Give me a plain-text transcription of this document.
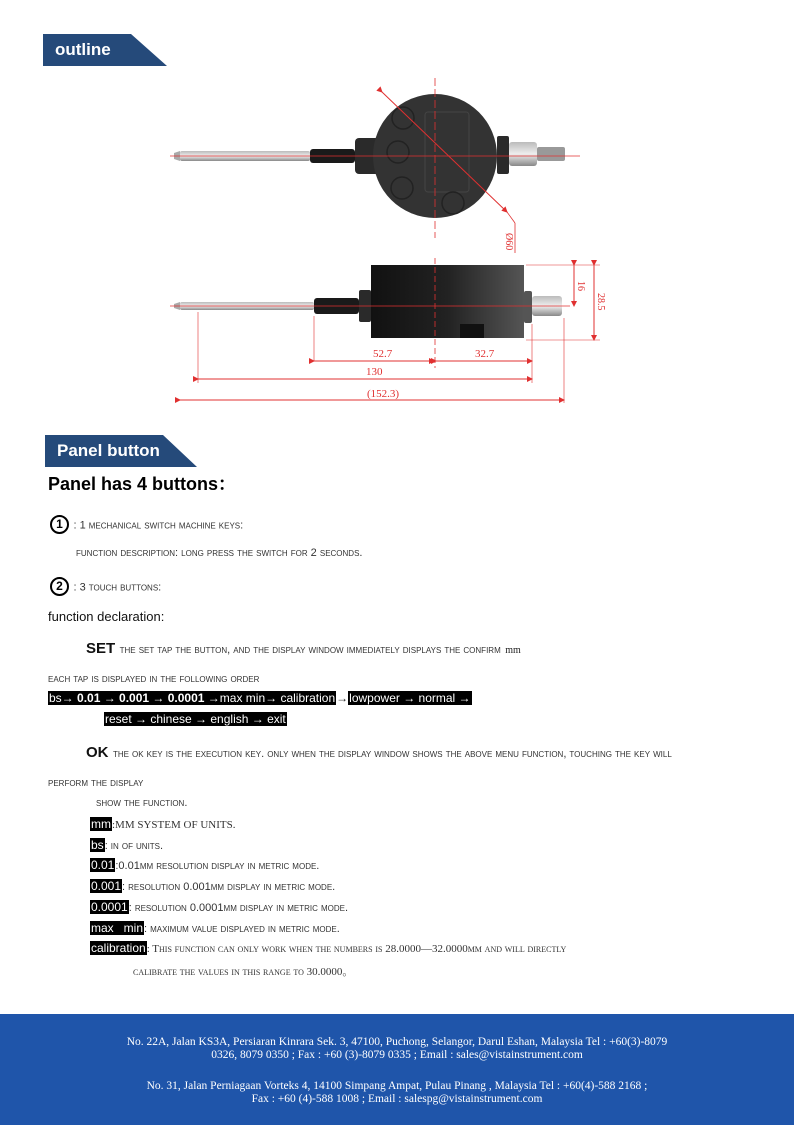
outline
Ø60
52.7	32.7
130
(152.3)
16
28.5
Panel button
Panel has 4 buttons：
1 : 1 mechanical switch machine keys:
function description: long press the switch for 2 seconds.
2 : 3 touch buttons:
function declaration:
SET the set tap the button, and the display window immediately displays the confirm mm
each tap is displayed in the following order
bs→ 0.01 → 0.001 → 0.0001 →max min→ calibration→lowpower → normal →
reset → chinese → english → exit
OK the ok key is the execution key. only when the display window shows the above menu function, touching the key will
perform the display
show the function.
mm:MM SYSTEM OF UNITS.
bs: in of units.
0.01:0.01mm resolution display in metric mode.
0.001: resolution 0.001mm display in metric mode.
0.0001: resolution 0.0001mm display in metric mode.
max   min: maximum value displayed in metric mode.
calibration: This function can only work when the numbers is 28.0000—32.0000mm and will directly
calibrate the values in this range to 30.0000。
No. 22A, Jalan KS3A, Persiaran Kinrara Sek. 3, 47100, Puchong, Selangor, Darul Eshan, Malaysia Tel : +60(3)-8079
0326, 8079 0350 ; Fax : +60 (3)-8079 0335 ; Email : sales@vistainstrument.com
No. 31, Jalan Perniagaan Vorteks 4, 14100 Simpang Ampat, Pulau Pinang , Malaysia Tel : +60(4)-588 2168 ;
Fax : +60 (4)-588 1008 ; Email : salespg@vistainstrument.com
